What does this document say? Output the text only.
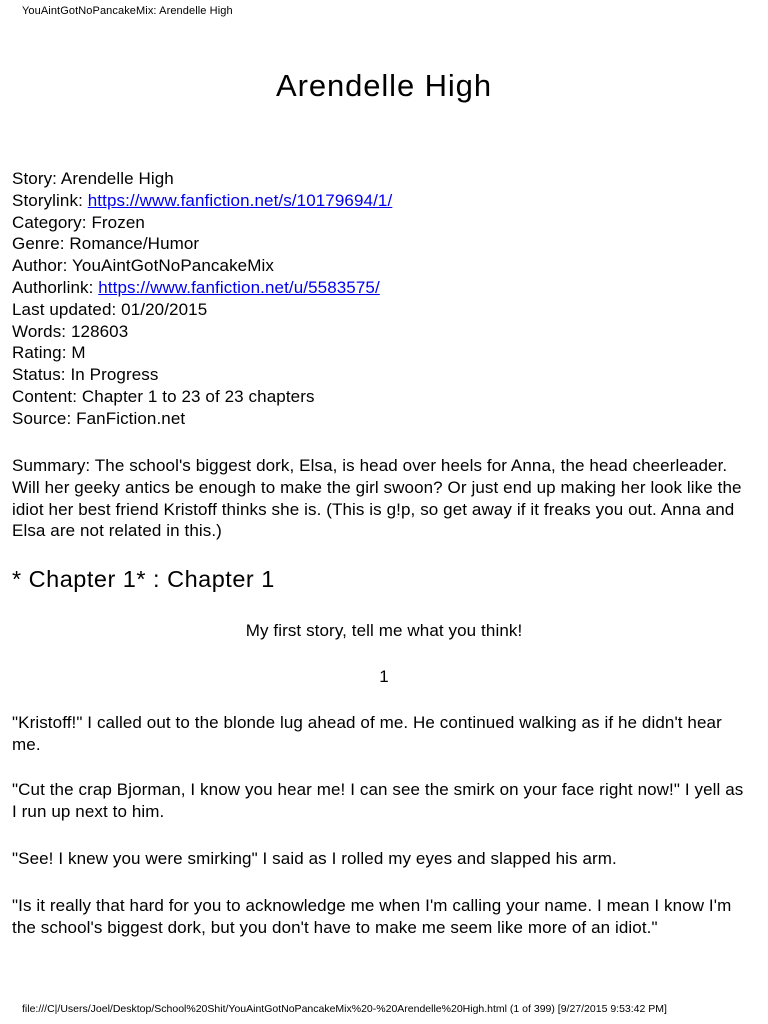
YouAintGotNoPancakeMix: Arendelle High
Arendelle High
Story: Arendelle High
Storylink: https://www.fanfiction.net/s/10179694/1/
Category: Frozen
Genre: Romance/Humor
Author: YouAintGotNoPancakeMix
Authorlink: https://www.fanfiction.net/u/5583575/
Last updated: 01/20/2015
Words: 128603
Rating: M
Status: In Progress
Content: Chapter 1 to 23 of 23 chapters
Source: FanFiction.net
Summary: The school's biggest dork, Elsa, is head over heels for Anna, the head cheerleader. Will her geeky antics be enough to make the girl swoon? Or just end up making her look like the idiot her best friend Kristoff thinks she is. (This is g!p, so get away if it freaks you out. Anna and Elsa are not related in this.)
* Chapter 1* : Chapter 1
My first story, tell me what you think!
1

"Kristoff!" I called out to the blonde lug ahead of me. He continued walking as if he didn't hear me.

"Cut the crap Bjorman, I know you hear me! I can see the smirk on your face right now!" I yell as I run up next to him.

"See! I knew you were smirking" I said as I rolled my eyes and slapped his arm.

"Is it really that hard for you to acknowledge me when I'm calling your name. I mean I know I'm the school's biggest dork, but you don't have to make me seem like more of an idiot."

file:///C|/Users/Joel/Desktop/School%20Shit/YouAintGotNoPancakeMix%20-%20Arendelle%20High.html (1 of 399) [9/27/2015 9:53:42 PM]
